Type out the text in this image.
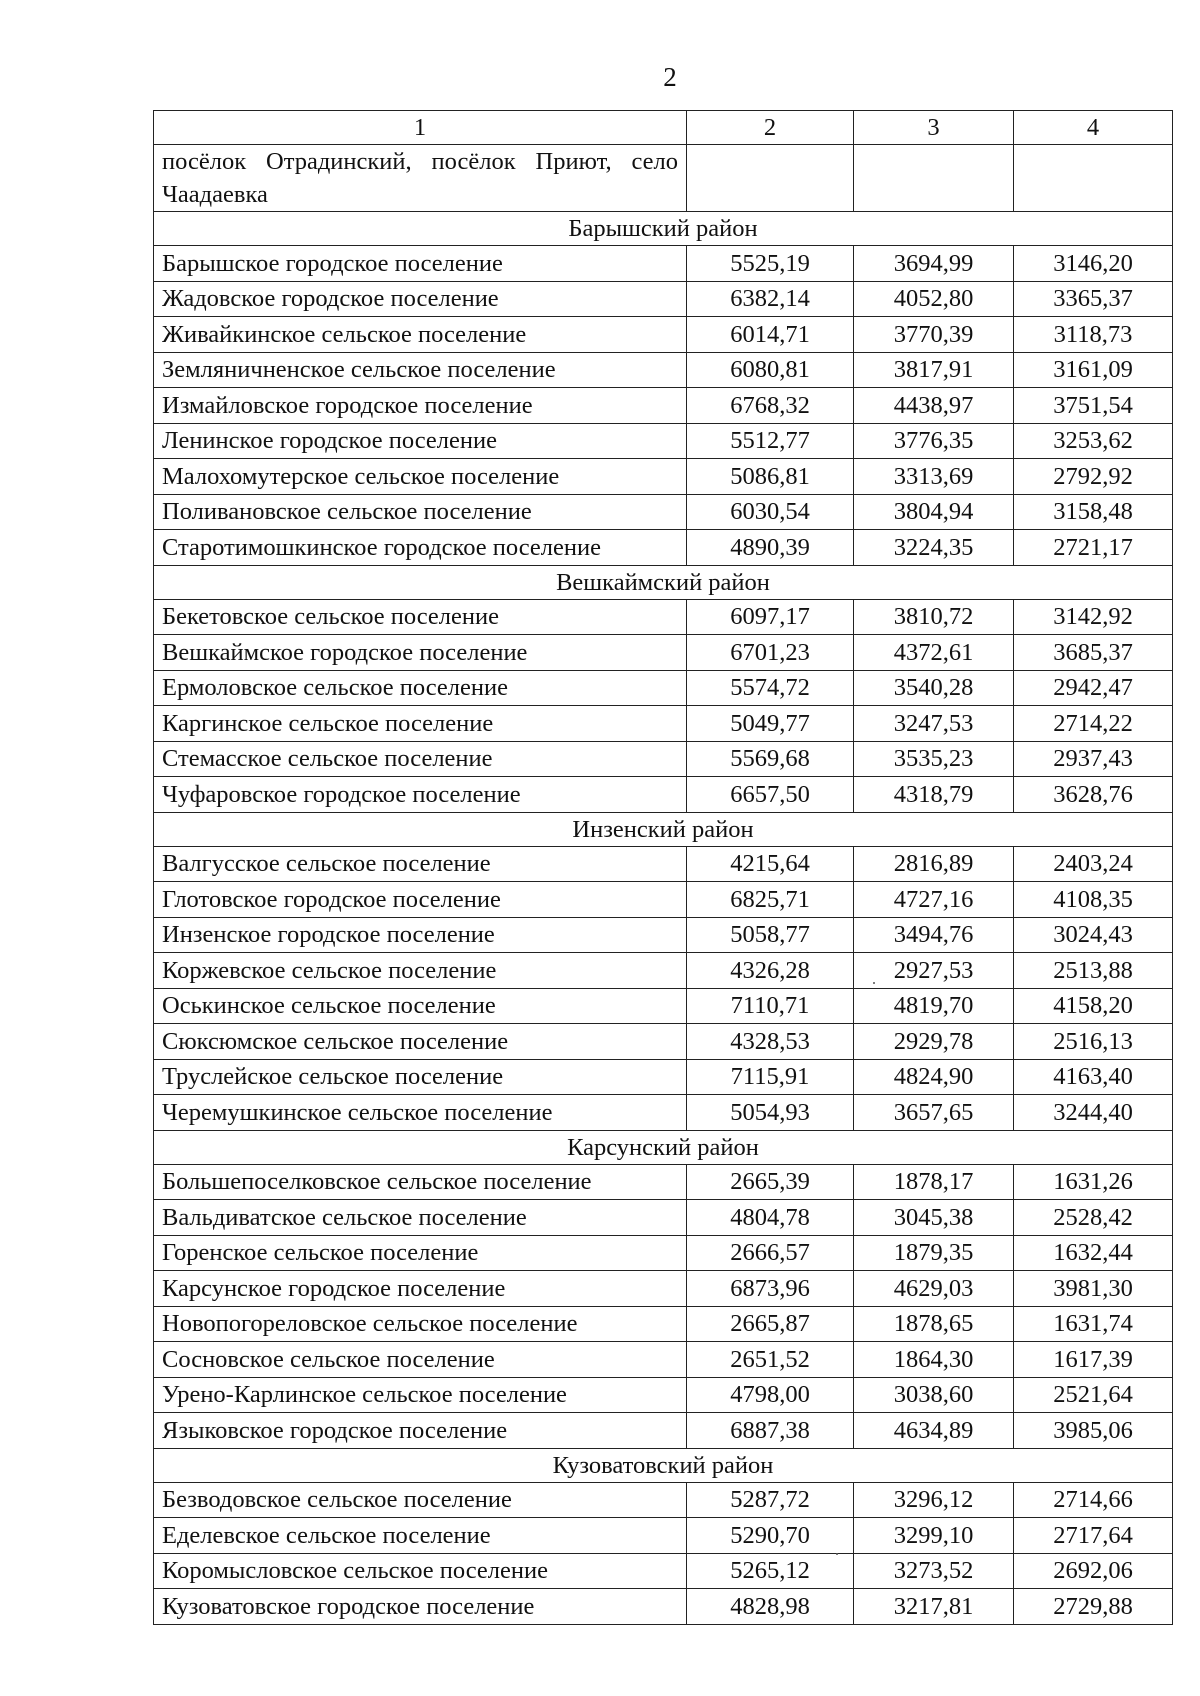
2
1	2	3	4
посёлок Отрадинский, посёлок Приют, село Чаадаевка			
Барышский район			
Барышское городское поселение	5525,19	3694,99	3146,20
Жадовское городское поселение	6382,14	4052,80	3365,37
Живайкинское сельское поселение	6014,71	3770,39	3118,73
Земляничненское сельское поселение	6080,81	3817,91	3161,09
Измайловское городское поселение	6768,32	4438,97	3751,54
Ленинское городское поселение	5512,77	3776,35	3253,62
Малохомутерское сельское поселение	5086,81	3313,69	2792,92
Поливановское сельское поселение	6030,54	3804,94	3158,48
Старотимошкинское городское поселение	4890,39	3224,35	2721,17
Вешкаймский район			
Бекетовское сельское поселение	6097,17	3810,72	3142,92
Вешкаймское городское поселение	6701,23	4372,61	3685,37
Ермоловское сельское поселение	5574,72	3540,28	2942,47
Каргинское сельское поселение	5049,77	3247,53	2714,22
Стемасское сельское поселение	5569,68	3535,23	2937,43
Чуфаровское городское поселение	6657,50	4318,79	3628,76
Инзенский район			
Валгусское сельское поселение	4215,64	2816,89	2403,24
Глотовское городское поселение	6825,71	4727,16	4108,35
Инзенское городское поселение	5058,77	3494,76	3024,43
Коржевское сельское поселение	4326,28	2927,53	2513,88
Оськинское сельское поселение	7110,71	4819,70	4158,20
Сюксюмское сельское поселение	4328,53	2929,78	2516,13
Труслейское сельское поселение	7115,91	4824,90	4163,40
Черемушкинское сельское поселение	5054,93	3657,65	3244,40
Карсунский район			
Большепоселковское сельское поселение	2665,39	1878,17	1631,26
Вальдиватское сельское поселение	4804,78	3045,38	2528,42
Горенское сельское поселение	2666,57	1879,35	1632,44
Карсунское городское поселение	6873,96	4629,03	3981,30
Новопогореловское сельское поселение	2665,87	1878,65	1631,74
Сосновское сельское поселение	2651,52	1864,30	1617,39
Урено-Карлинское сельское поселение	4798,00	3038,60	2521,64
Языковское городское поселение	6887,38	4634,89	3985,06
Кузоватовский район			
Безводовское сельское поселение	5287,72	3296,12	2714,66
Еделевское сельское поселение	5290,70	3299,10	2717,64
Коромысловское сельское поселение	5265,12	3273,52	2692,06
Кузоватовское городское поселение	4828,98	3217,81	2729,88
